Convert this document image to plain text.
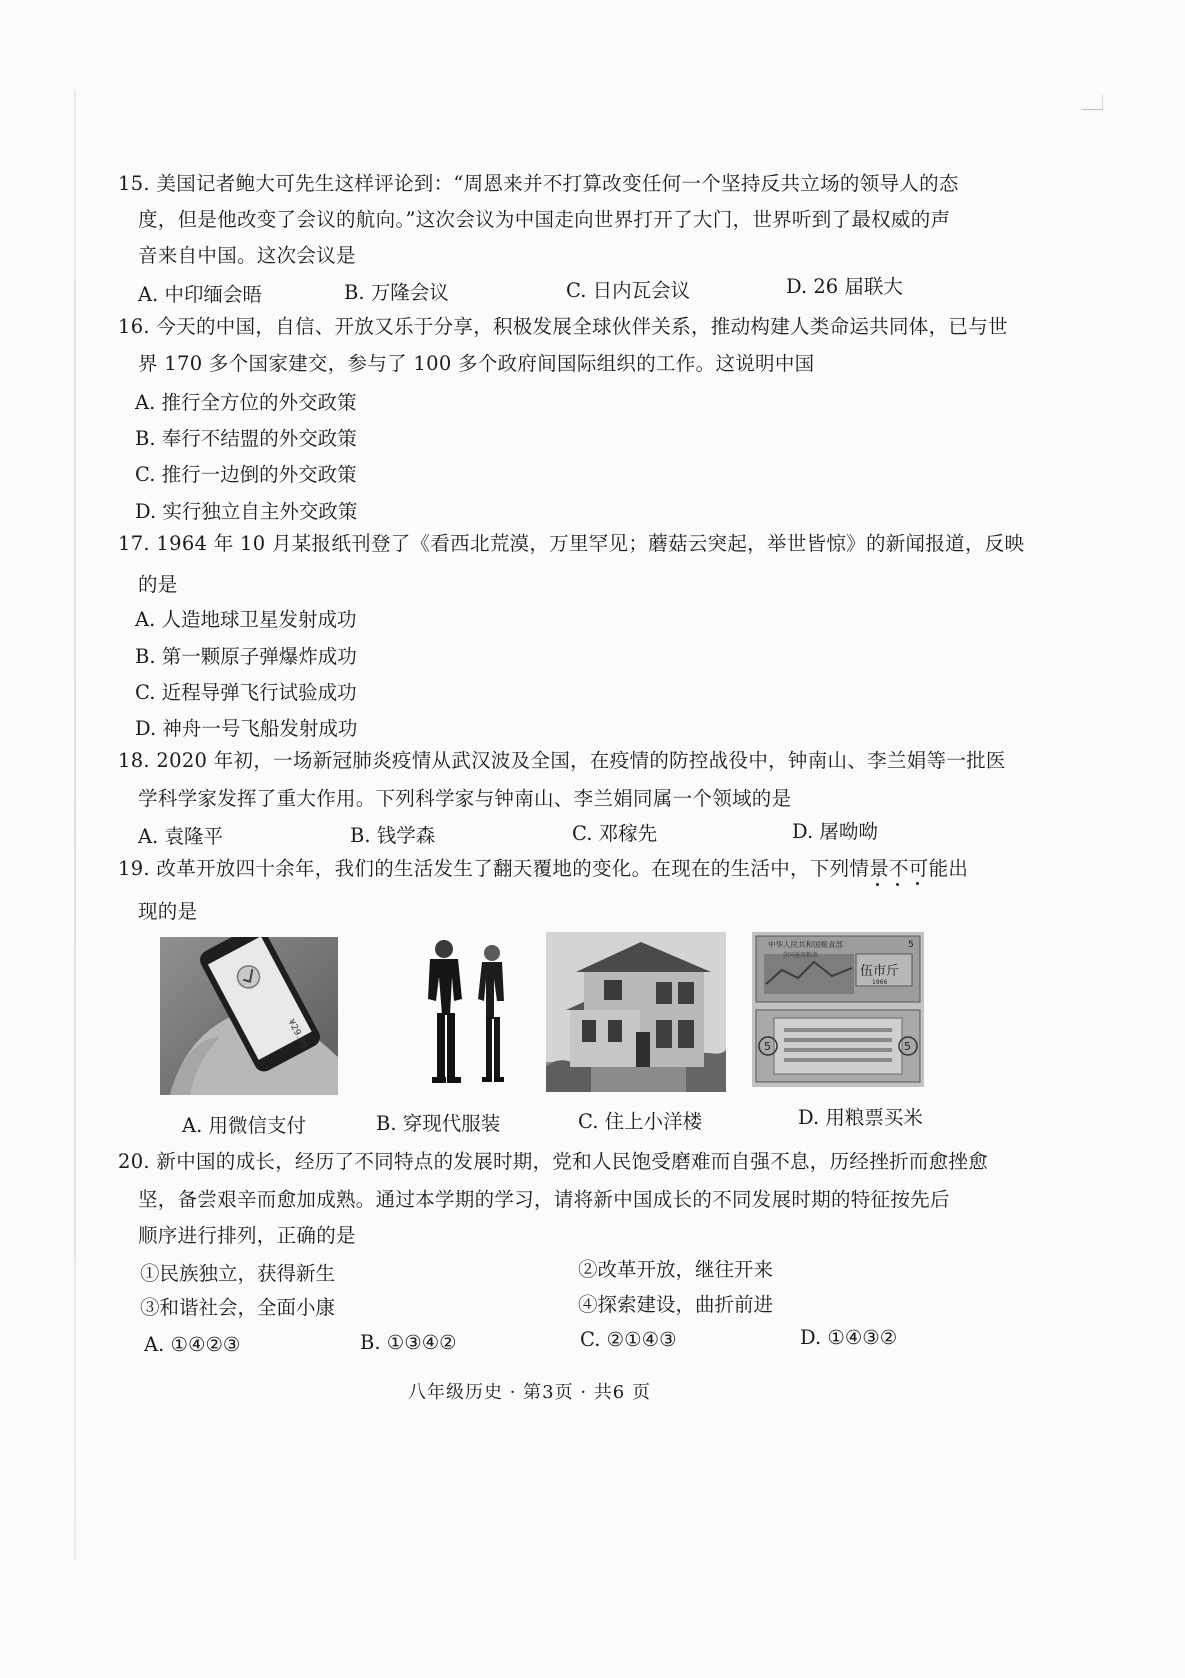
15. 美国记者鲍大可先生这样评论到：“周恩来并不打算改变任何一个坚持反共立场的领导人的态
度，但是他改变了会议的航向。”这次会议为中国走向世界打开了大门，世界听到了最权威的声
音来自中国。这次会议是
A. 中印缅会晤	B. 万隆会议	C. 日内瓦会议	D. 26 届联大
16. 今天的中国，自信、开放又乐于分享，积极发展全球伙伴关系，推动构建人类命运共同体，已与世
界 170 多个国家建交，参与了 100 多个政府间国际组织的工作。这说明中国
A. 推行全方位的外交政策
B. 奉行不结盟的外交政策
C. 推行一边倒的外交政策
D. 实行独立自主外交政策
17. 1964 年 10 月某报纸刊登了《看西北荒漠，万里罕见；蘑菇云突起，举世皆惊》的新闻报道，反映
的是
A. 人造地球卫星发射成功
B. 第一颗原子弹爆炸成功
C. 近程导弹飞行试验成功
D. 神舟一号飞船发射成功
18. 2020 年初，一场新冠肺炎疫情从武汉波及全国，在疫情的防控战役中，钟南山、李兰娟等一批医
学科学家发挥了重大作用。下列科学家与钟南山、李兰娟同属一个领域的是
A. 袁隆平	B. 钱学森	C. 邓稼先	D. 屠呦呦
19. 改革开放四十余年，我们的生活发生了翻天覆地的变化。在现在的生活中，下列情景不可能出
现的是
¥29.96
中华人民共和国粮食部
全国通用粮票
伍市斤
1966
5
5	5
A. 用微信支付	B. 穿现代服装	C. 住上小洋楼	D. 用粮票买米
20. 新中国的成长，经历了不同特点的发展时期，党和人民饱受磨难而自强不息，历经挫折而愈挫愈
坚，备尝艰辛而愈加成熟。通过本学期的学习，请将新中国成长的不同发展时期的特征按先后
顺序进行排列，正确的是
①民族独立，获得新生	②改革开放，继往开来
③和谐社会，全面小康	④探索建设，曲折前进
A. ①④②③	B. ①③④②	C. ②①④③	D. ①④③②
八年级历史 · 第3页 · 共6 页
